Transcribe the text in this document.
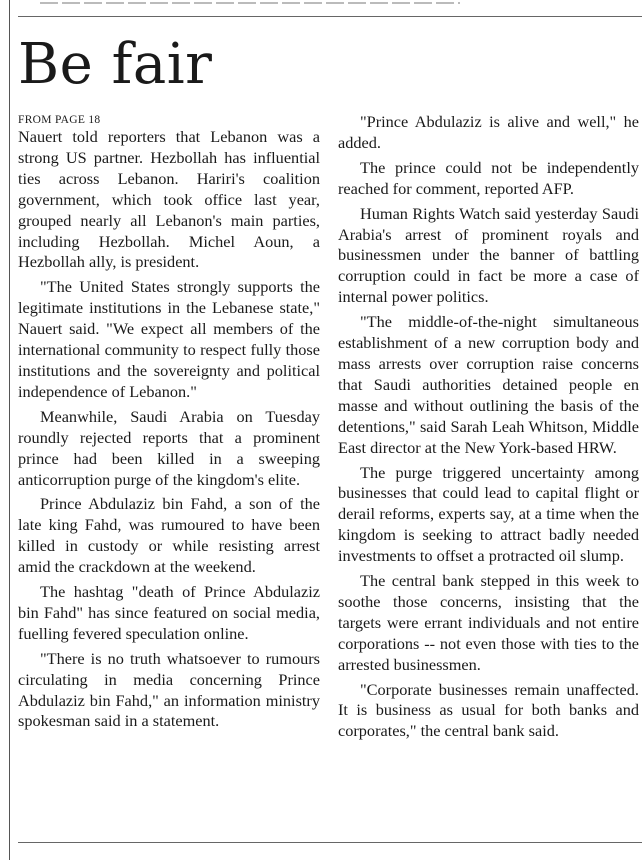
Be fair
FROM PAGE 18

Nauert told reporters that Lebanon was a strong US partner. Hezbollah has influential ties across Lebanon. Hariri's coalition government, which took office last year, grouped nearly all Lebanon's main parties, including Hezbollah. Michel Aoun, a Hezbollah ally, is president.

"The United States strongly supports the legitimate institutions in the Lebanese state," Nauert said. "We expect all members of the international community to respect fully those institutions and the sovereignty and political independence of Lebanon."

Meanwhile, Saudi Arabia on Tuesday roundly rejected reports that a prominent prince had been killed in a sweeping anticorruption purge of the kingdom's elite.

Prince Abdulaziz bin Fahd, a son of the late king Fahd, was rumoured to have been killed in custody or while resisting arrest amid the crackdown at the weekend.

The hashtag "death of Prince Abdulaziz bin Fahd" has since featured on social media, fuelling fevered speculation online.

"There is no truth whatsoever to rumours circulating in media concerning Prince Abdulaziz bin Fahd," an information ministry spokesman said in a statement.

"Prince Abdulaziz is alive and well," he added.

The prince could not be independently reached for comment, reported AFP.

Human Rights Watch said yesterday Saudi Arabia's arrest of prominent royals and businessmen under the banner of battling corruption could in fact be more a case of internal power politics.

"The middle-of-the-night simultaneous establishment of a new corruption body and mass arrests over corruption raise concerns that Saudi authorities detained people en masse and without outlining the basis of the detentions," said Sarah Leah Whitson, Middle East director at the New York-based HRW.

The purge triggered uncertainty among businesses that could lead to capital flight or derail reforms, experts say, at a time when the kingdom is seeking to attract badly needed investments to offset a protracted oil slump.

The central bank stepped in this week to soothe those concerns, insisting that the targets were errant individuals and not entire corporations -- not even those with ties to the arrested businessmen.

"Corporate businesses remain unaffected. It is business as usual for both banks and corporates," the central bank said.
